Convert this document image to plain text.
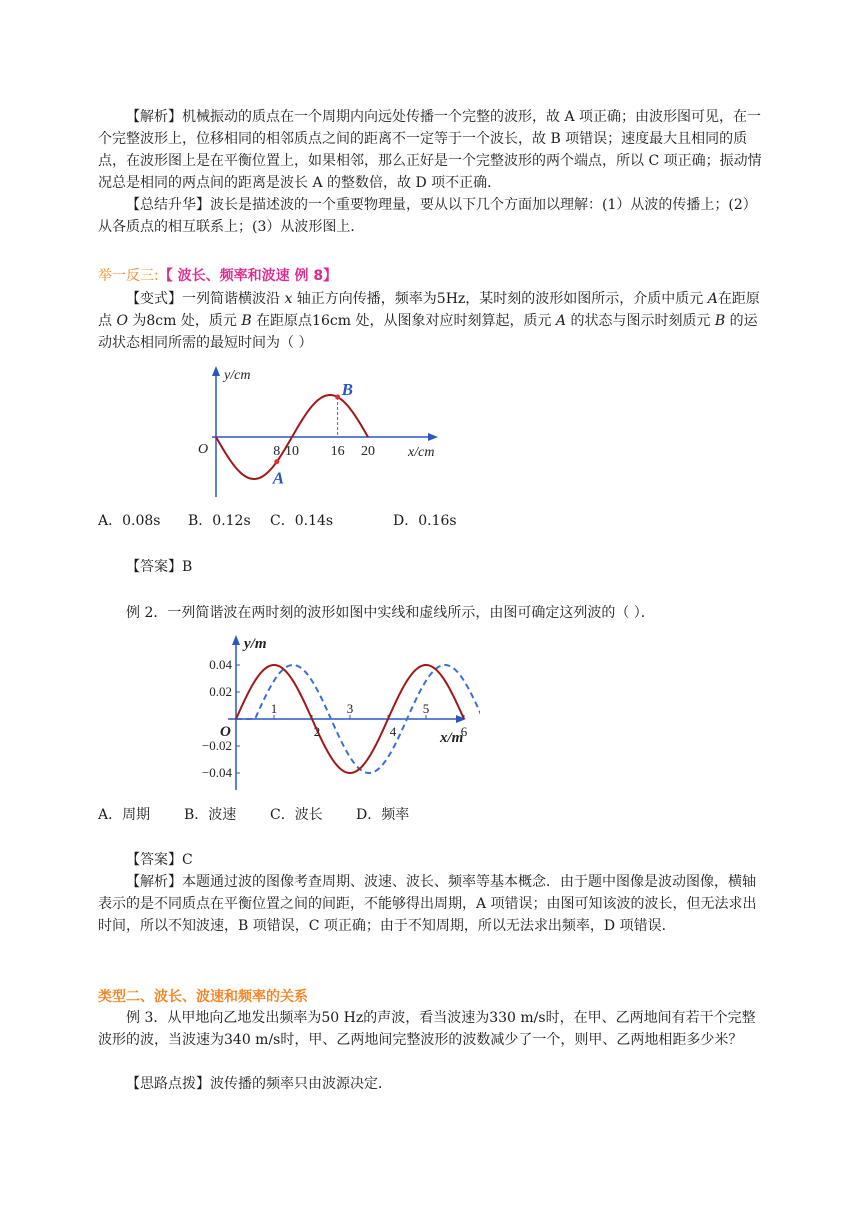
【解析】机械振动的质点在一个周期内向远处传播一个完整的波形，故 A 项正确；由波形图可见，在一个完整波形上，位移相同的相邻质点之间的距离不一定等于一个波长，故 B 项错误；速度最大且相同的质点，在波形图上是在平衡位置上，如果相邻，那么正好是一个完整波形的两个端点，所以 C 项正确；振动情况总是相同的两点间的距离是波长 A 的整数倍，故 D 项不正确．

【总结升华】波长是描述波的一个重要物理量，要从以下几个方面加以理解：(1）从波的传播上；(2）从各质点的相互联系上；(3）从波形图上．

举一反三:【 波长、频率和波速 例 8】

【变式】一列简谐横波沿 x 轴正方向传播，频率为5Hz，某时刻的波形如图所示，介质中质元 A在距原点 O 为8cm 处，质元 B 在距原点16cm 处，从图象对应时刻算起，质元 A 的状态与图示时刻质元 B 的运动状态相同所需的最短时间为（ ）

y/cm
x/cm
O
A
B
8 10 16 20
A．0.08s B．0.12s C．0.14s	D．0.16s
【答案】B
例 2．一列简谐波在两时刻的波形如图中实线和虚线所示，由图可确定这列波的（ ）．
y/m
x/m
O
0.04
0.02
−0.02
−0.04
1
2
3
4
5
6
A．周期 B．波速 C．波长 D．频率
【答案】C

【解析】本题通过波的图像考查周期、波速、波长、频率等基本概念．由于题中图像是波动图像，横轴表示的是不同质点在平衡位置之间的间距，不能够得出周期，A 项错误；由图可知该波的波长，但无法求出时间，所以不知波速，B 项错误，C 项正确；由于不知周期，所以无法求出频率，D 项错误．

类型二、波长、波速和频率的关系

例 3．从甲地向乙地发出频率为50 Hz的声波，看当波速为330 m/s时，在甲、乙两地间有若干个完整波形的波，当波速为340 m/s时，甲、乙两地间完整波形的波数减少了一个，则甲、乙两地相距多少米？

【思路点拨】波传播的频率只由波源决定．
